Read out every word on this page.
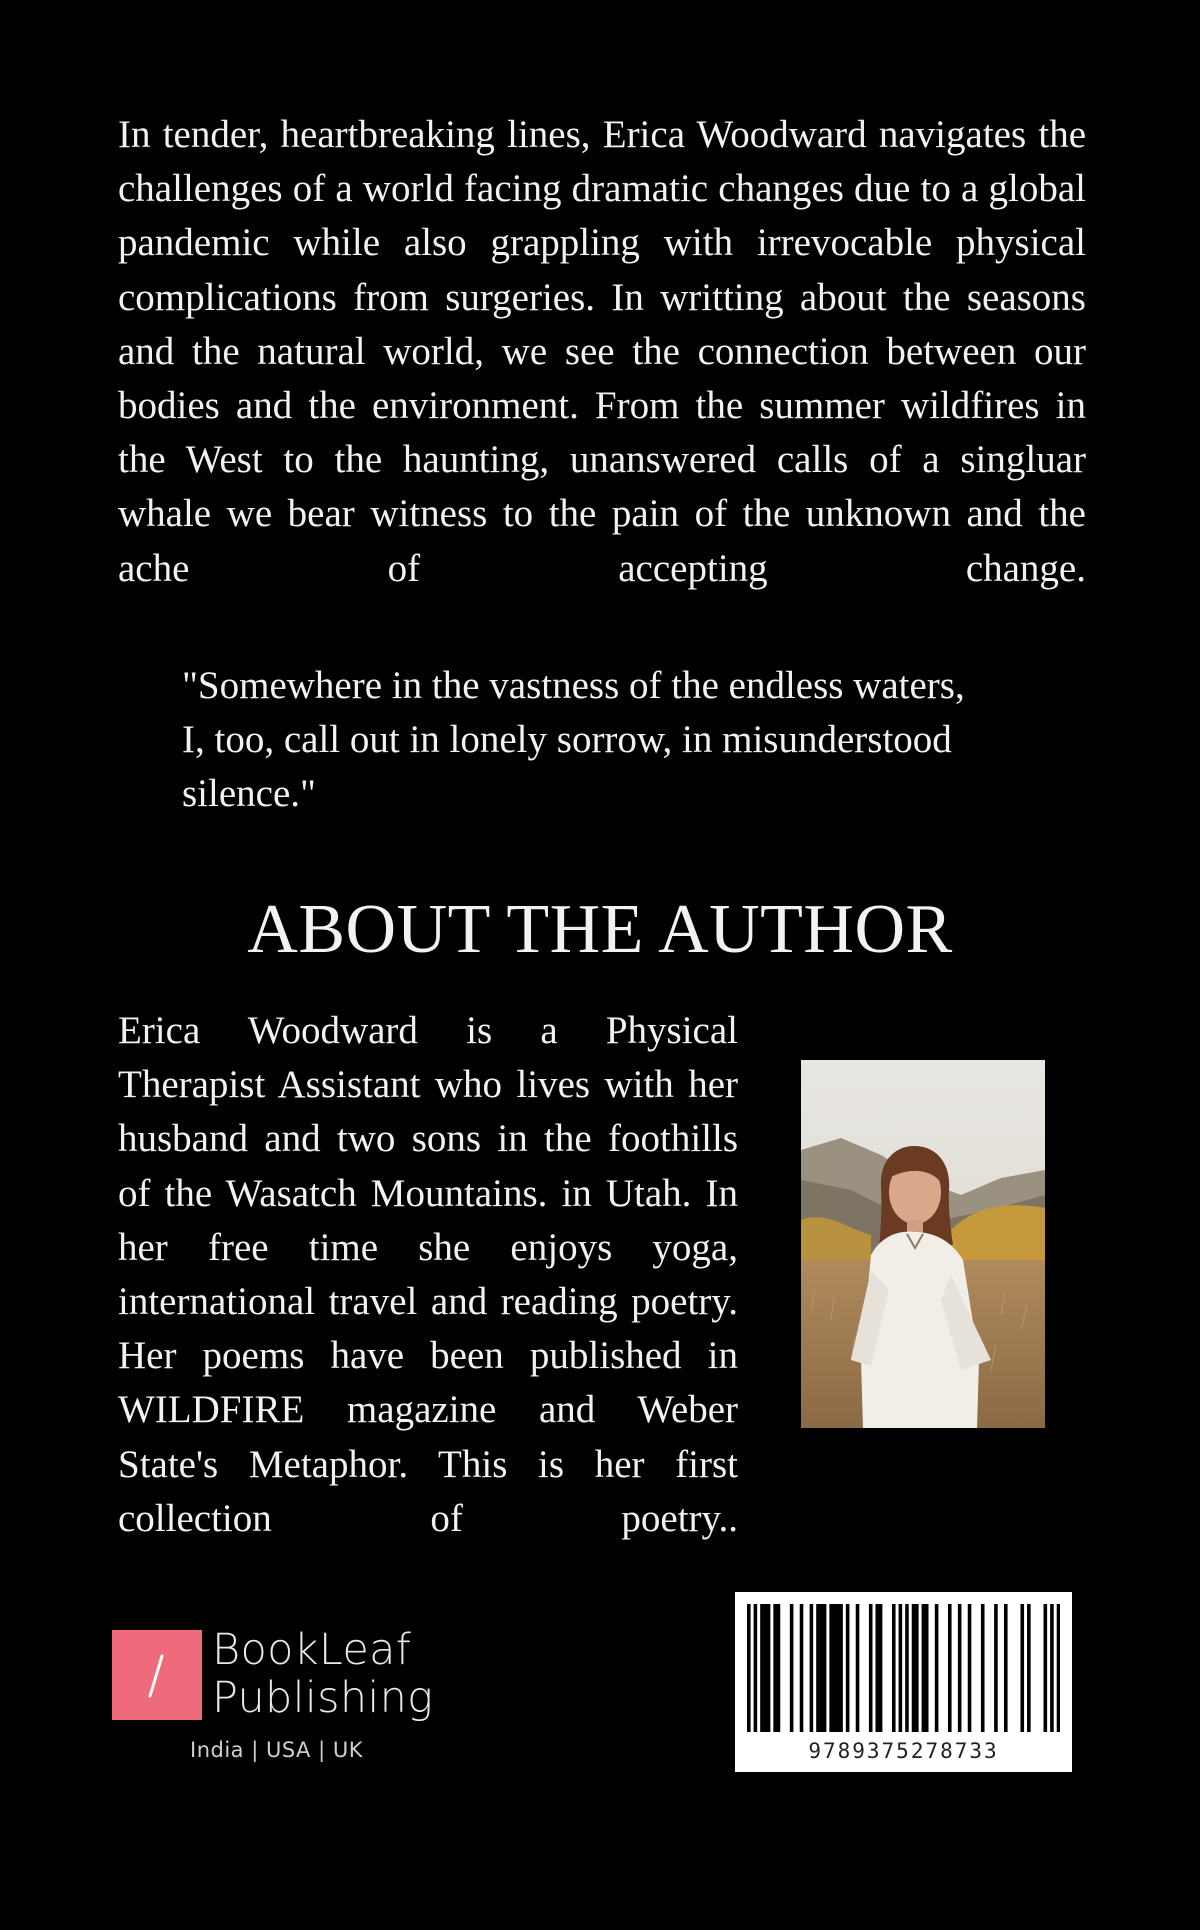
In tender, heartbreaking lines, Erica Woodward navigates the challenges of a world facing dramatic changes due to a global pandemic while also grappling with irrevocable physical complications from surgeries. In writting about the seasons and the natural world, we see the connection between our bodies and the environment. From the summer wildfires in the West to the haunting, unanswered calls of a singluar whale we bear witness to the pain of the unknown and the ache of accepting change.

"Somewhere in the vastness of the endless waters,
I, too, call out in lonely sorrow, in misunderstood
silence."
ABOUT THE AUTHOR

Erica Woodward is a Physical Therapist Assistant who lives with her husband and two sons in the foothills of the Wasatch Mountains. in Utah. In her free time she enjoys yoga, international travel and reading poetry. Her poems have been published in WILDFIRE magazine and Weber State's Metaphor. This is her first collection of poetry..

BookLeaf
Publishing
India | USA | UK	9789375278733
